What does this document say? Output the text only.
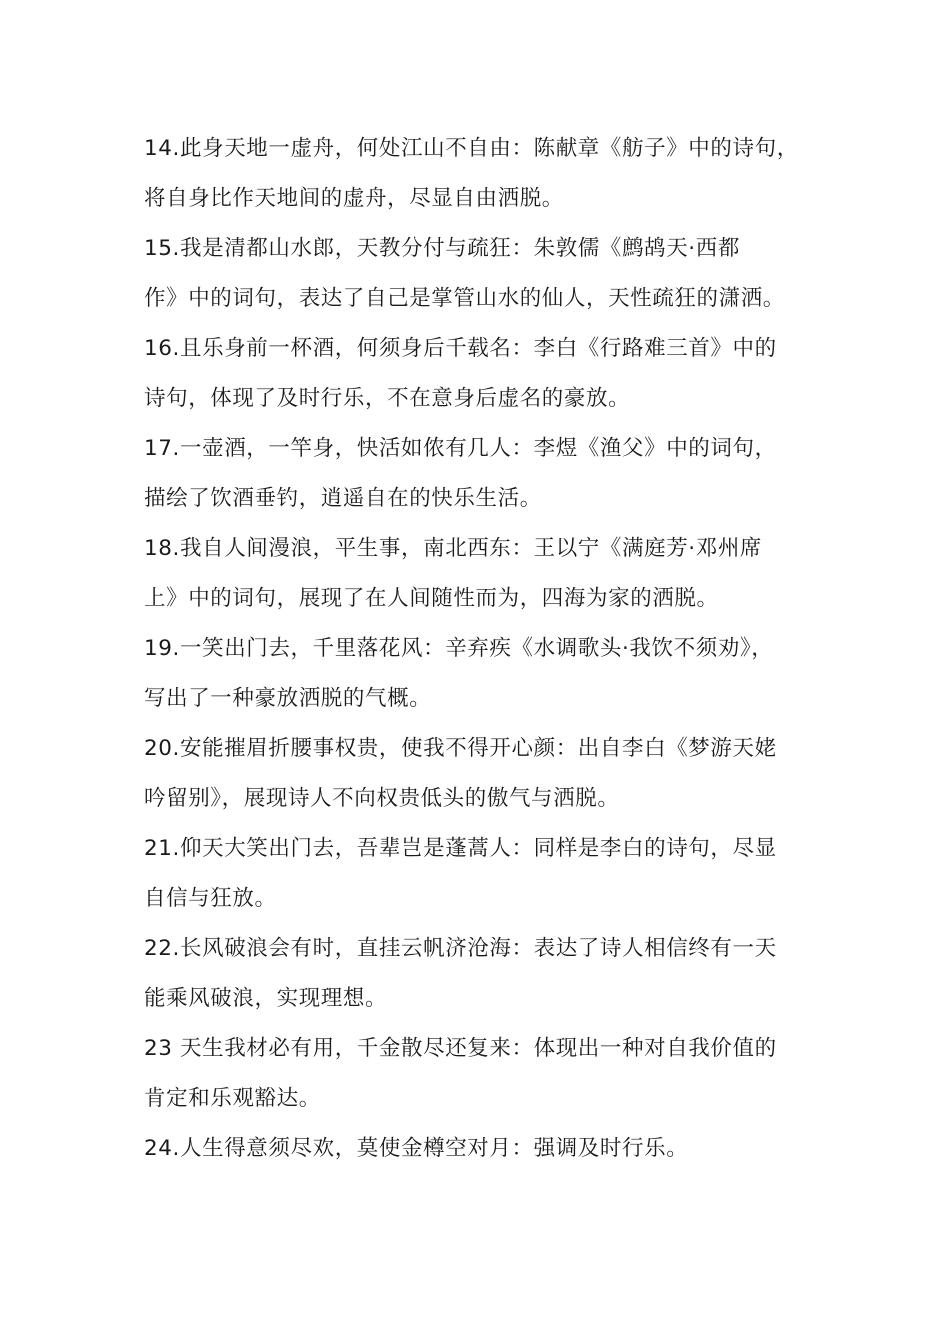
14.此身天地一虚舟，何处江山不自由：陈献章《舫子》中的诗句，
将自身比作天地间的虚舟，尽显自由洒脱。
15.我是清都山水郎，天教分付与疏狂：朱敦儒《鹧鸪天·西都
作》中的词句，表达了自己是掌管山水的仙人，天性疏狂的潇洒。
16.且乐身前一杯酒，何须身后千载名：李白《行路难三首》中的
诗句，体现了及时行乐，不在意身后虚名的豪放。
17.一壶酒，一竿身，快活如侬有几人：李煜《渔父》中的词句，
描绘了饮酒垂钓，逍遥自在的快乐生活。
18.我自人间漫浪，平生事，南北西东：王以宁《满庭芳·邓州席
上》中的词句，展现了在人间随性而为，四海为家的洒脱。
19.一笑出门去，千里落花风：辛弃疾《水调歌头·我饮不须劝》，
写出了一种豪放洒脱的气概。
20.安能摧眉折腰事权贵，使我不得开心颜：出自李白《梦游天姥
吟留别》，展现诗人不向权贵低头的傲气与洒脱。
21.仰天大笑出门去，吾辈岂是蓬蒿人：同样是李白的诗句，尽显
自信与狂放。
22.长风破浪会有时，直挂云帆济沧海：表达了诗人相信终有一天
能乘风破浪，实现理想。
23 天生我材必有用，千金散尽还复来：体现出一种对自我价值的
肯定和乐观豁达。
24.人生得意须尽欢，莫使金樽空对月：强调及时行乐。
